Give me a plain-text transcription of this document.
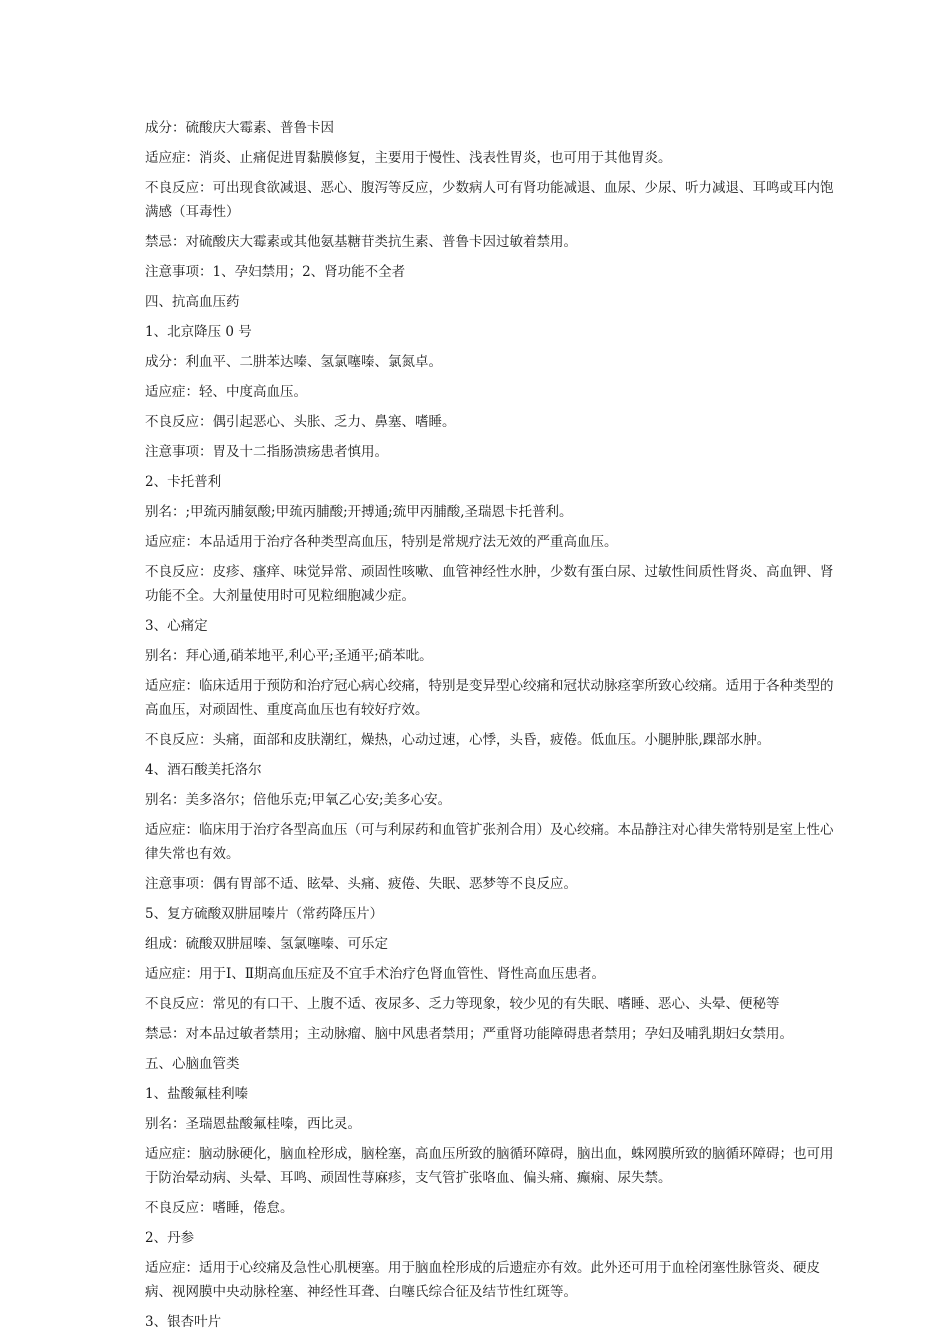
成分：硫酸庆大霉素、普鲁卡因

适应症：消炎、止痛促进胃黏膜修复，主要用于慢性、浅表性胃炎，也可用于其他胃炎。

不良反应：可出现食欲减退、恶心、腹泻等反应，少数病人可有肾功能减退、血尿、少尿、听力减退、耳鸣或耳内饱满感（耳毒性）

禁忌：对硫酸庆大霉素或其他氨基糖苷类抗生素、普鲁卡因过敏着禁用。

注意事项：1、孕妇禁用；2、肾功能不全者

四、抗高血压药

1、北京降压 0 号

成分：利血平、二肼苯达嗪、氢氯噻嗪、氯氮卓。

适应症：轻、中度高血压。

不良反应：偶引起恶心、头胀、乏力、鼻塞、嗜睡。

注意事项：胃及十二指肠溃疡患者慎用。

2、卡托普利

别名：;甲巯丙脯氨酸;甲巯丙脯酸;开搏通;巯甲丙脯酸,圣瑞恩卡托普利。

适应症：本品适用于治疗各种类型高血压，特别是常规疗法无效的严重高血压。

不良反应：皮疹、瘙痒、味觉异常、顽固性咳嗽、血管神经性水肿，少数有蛋白尿、过敏性间质性肾炎、高血钾、肾功能不全。大剂量使用时可见粒细胞减少症。

3、心痛定

别名：拜心通,硝苯地平,利心平;圣通平;硝苯吡。

适应症：临床适用于预防和治疗冠心病心绞痛，特别是变异型心绞痛和冠状动脉痉挛所致心绞痛。适用于各种类型的高血压，对顽固性、重度高血压也有较好疗效。

不良反应：头痛，面部和皮肤潮红，燥热，心动过速，心悸，头昏，疲倦。低血压。小腿肿胀,踝部水肿。

4、酒石酸美托洛尔

别名：美多洛尔；倍他乐克;甲氧乙心安;美多心安。

适应症：临床用于治疗各型高血压（可与利尿药和血管扩张剂合用）及心绞痛。本品静注对心律失常特别是室上性心律失常也有效。

注意事项：偶有胃部不适、眩晕、头痛、疲倦、失眠、恶梦等不良反应。

5、复方硫酸双肼屈嗪片（常药降压片）

组成：硫酸双肼屈嗪、氢氯噻嗪、可乐定

适应症：用于Ⅰ、Ⅱ期高血压症及不宜手术治疗色肾血管性、肾性高血压患者。

不良反应：常见的有口干、上腹不适、夜尿多、乏力等现象，较少见的有失眠、嗜睡、恶心、头晕、便秘等

禁忌：对本品过敏者禁用；主动脉瘤、脑中风患者禁用；严重肾功能障碍患者禁用；孕妇及哺乳期妇女禁用。

五、心脑血管类

1、盐酸氟桂利嗪

别名：圣瑞恩盐酸氟桂嗪，西比灵。

适应症：脑动脉硬化，脑血栓形成，脑栓塞，高血压所致的脑循环障碍，脑出血，蛛网膜所致的脑循环障碍；也可用于防治晕动病、头晕、耳鸣、顽固性荨麻疹，支气管扩张咯血、偏头痛、癫痫、尿失禁。

不良反应：嗜睡，倦怠。

2、丹参

适应症：适用于心绞痛及急性心肌梗塞。用于脑血栓形成的后遗症亦有效。此外还可用于血栓闭塞性脉管炎、硬皮病、视网膜中央动脉栓塞、神经性耳聋、白噻氏综合征及结节性红斑等。

3、银杏叶片
